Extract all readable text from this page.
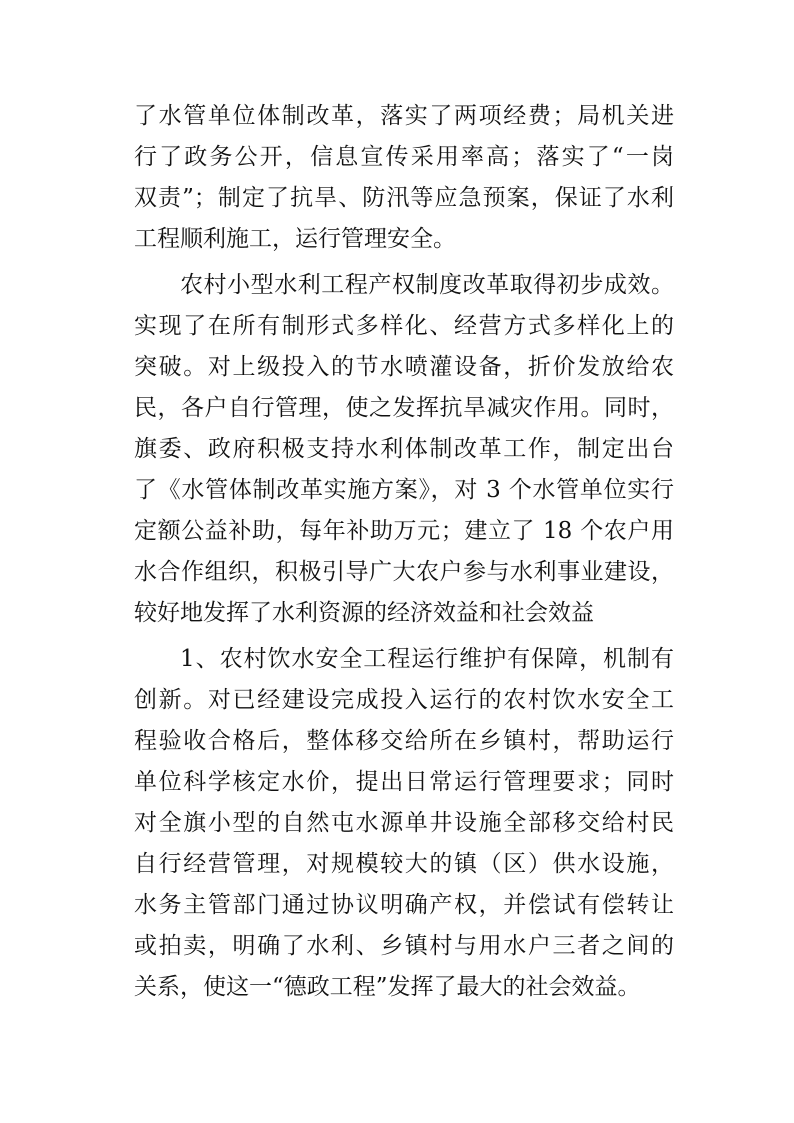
了水管单位体制改革，落实了两项经费；局机关进
行了政务公开，信息宣传采用率高；落实了“一岗
双责”；制定了抗旱、防汛等应急预案，保证了水利
工程顺利施工，运行管理安全。
农村小型水利工程产权制度改革取得初步成效。
实现了在所有制形式多样化、经营方式多样化上的
突破。对上级投入的节水喷灌设备，折价发放给农
民，各户自行管理，使之发挥抗旱减灾作用。同时，
旗委、政府积极支持水利体制改革工作，制定出台
了《水管体制改革实施方案》，对 3 个水管单位实行
定额公益补助，每年补助万元；建立了 18 个农户用
水合作组织，积极引导广大农户参与水利事业建设，
较好地发挥了水利资源的经济效益和社会效益
1、农村饮水安全工程运行维护有保障，机制有
创新。对已经建设完成投入运行的农村饮水安全工
程验收合格后，整体移交给所在乡镇村，帮助运行
单位科学核定水价，提出日常运行管理要求；同时
对全旗小型的自然屯水源单井设施全部移交给村民
自行经营管理，对规模较大的镇（区）供水设施，
水务主管部门通过协议明确产权，并偿试有偿转让
或拍卖，明确了水利、乡镇村与用水户三者之间的
关系，使这一“德政工程”发挥了最大的社会效益。
